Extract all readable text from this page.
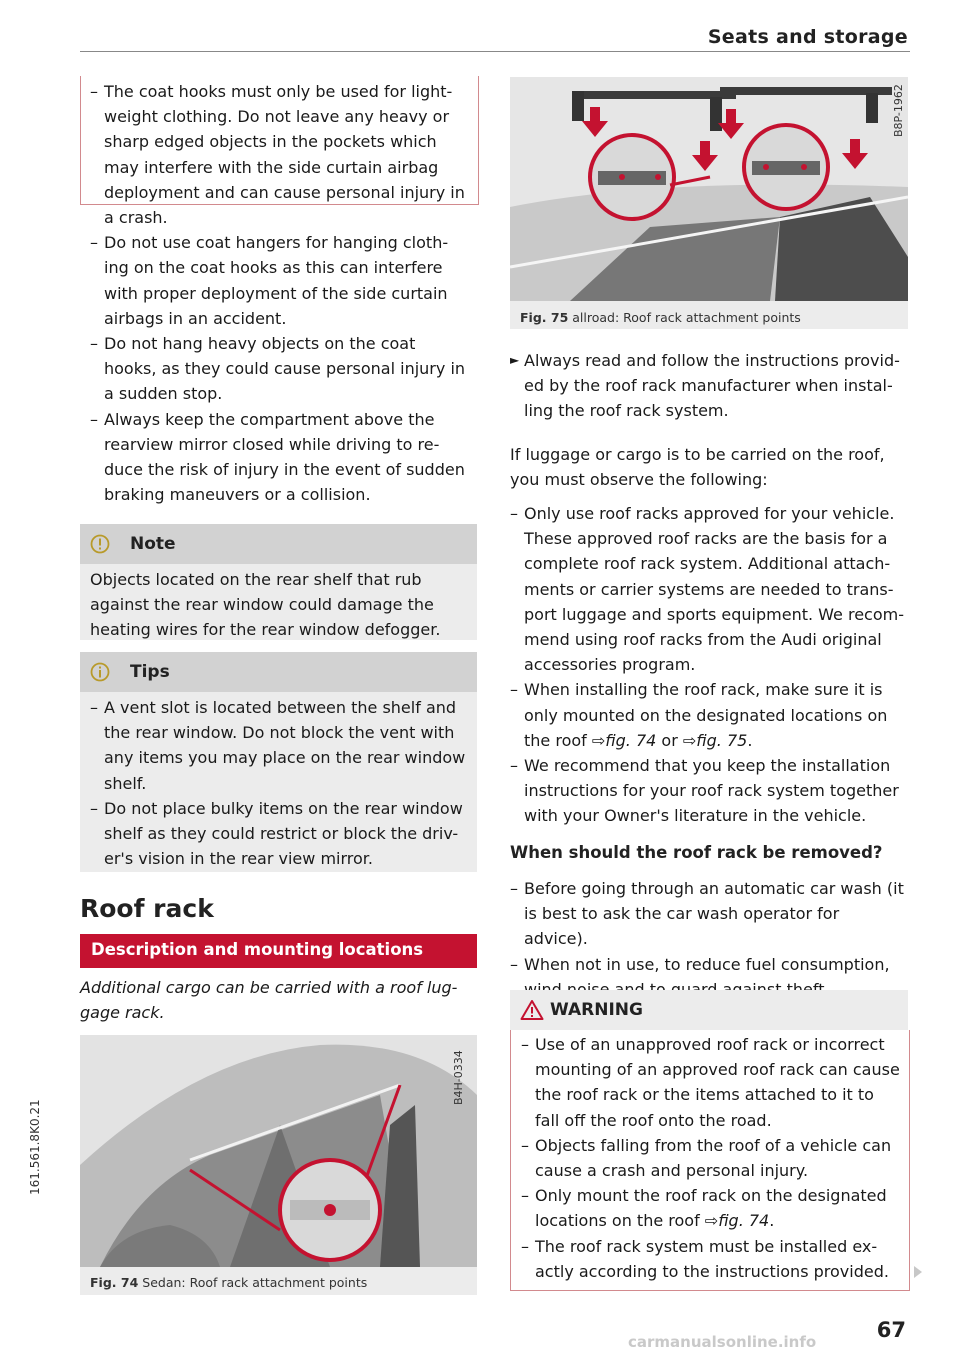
Seats and storage
– The coat hooks must only be used for light-weight clothing. Do not leave any heavy or sharp edged objects in the pockets which may interfere with the side curtain airbag deployment and can cause personal injury in a crash.
– Do not use coat hangers for hanging cloth-ing on the coat hooks as this can interfere with proper deployment of the side curtain airbags in an accident.
– Do not hang heavy objects on the coat hooks, as they could cause personal injury in a sudden stop.
– Always keep the compartment above the rearview mirror closed while driving to re-duce the risk of injury in the event of sudden braking maneuvers or a collision.
Note
Objects located on the rear shelf that rub against the rear window could damage the heating wires for the rear window defogger.
Tips
– A vent slot is located between the shelf and the rear window. Do not block the vent with any items you may place on the rear window shelf.
– Do not place bulky items on the rear window shelf as they could restrict or block the driv-er's vision in the rear view mirror.
Roof rack
Description and mounting locations
Additional cargo can be carried with a roof lug-gage rack.
B4H-0334
Fig. 74 Sedan: Roof rack attachment points
B8P-1962
Fig. 75 allroad: Roof rack attachment points
► Always read and follow the instructions provid-ed by the roof rack manufacturer when instal-ling the roof rack system.
If luggage or cargo is to be carried on the roof, you must observe the following:
– Only use roof racks approved for your vehicle. These approved roof racks are the basis for a complete roof rack system. Additional attach-ments or carrier systems are needed to trans-port luggage and sports equipment. We recom-mend using roof racks from the Audi original accessories program.
– When installing the roof rack, make sure it is only mounted on the designated locations on the roof ⇨fig. 74 or ⇨fig. 75.
– We recommend that you keep the installation instructions for your roof rack system together with your Owner's literature in the vehicle.
When should the roof rack be removed?
– Before going through an automatic car wash (it is best to ask the car wash operator for advice).
– When not in use, to reduce fuel consumption,
WARNING
– Use of an unapproved roof rack or incorrect mounting of an approved roof rack can cause the roof rack or the items attached to it to fall off the roof onto the road.
– Objects falling from the roof of a vehicle can cause a crash and personal injury.
– Only mount the roof rack on the designated locations on the roof ⇨fig. 74.
– The roof rack system must be installed ex-actly according to the instructions provided.
67
161.561.8K0.21
carmanualsonline.info
